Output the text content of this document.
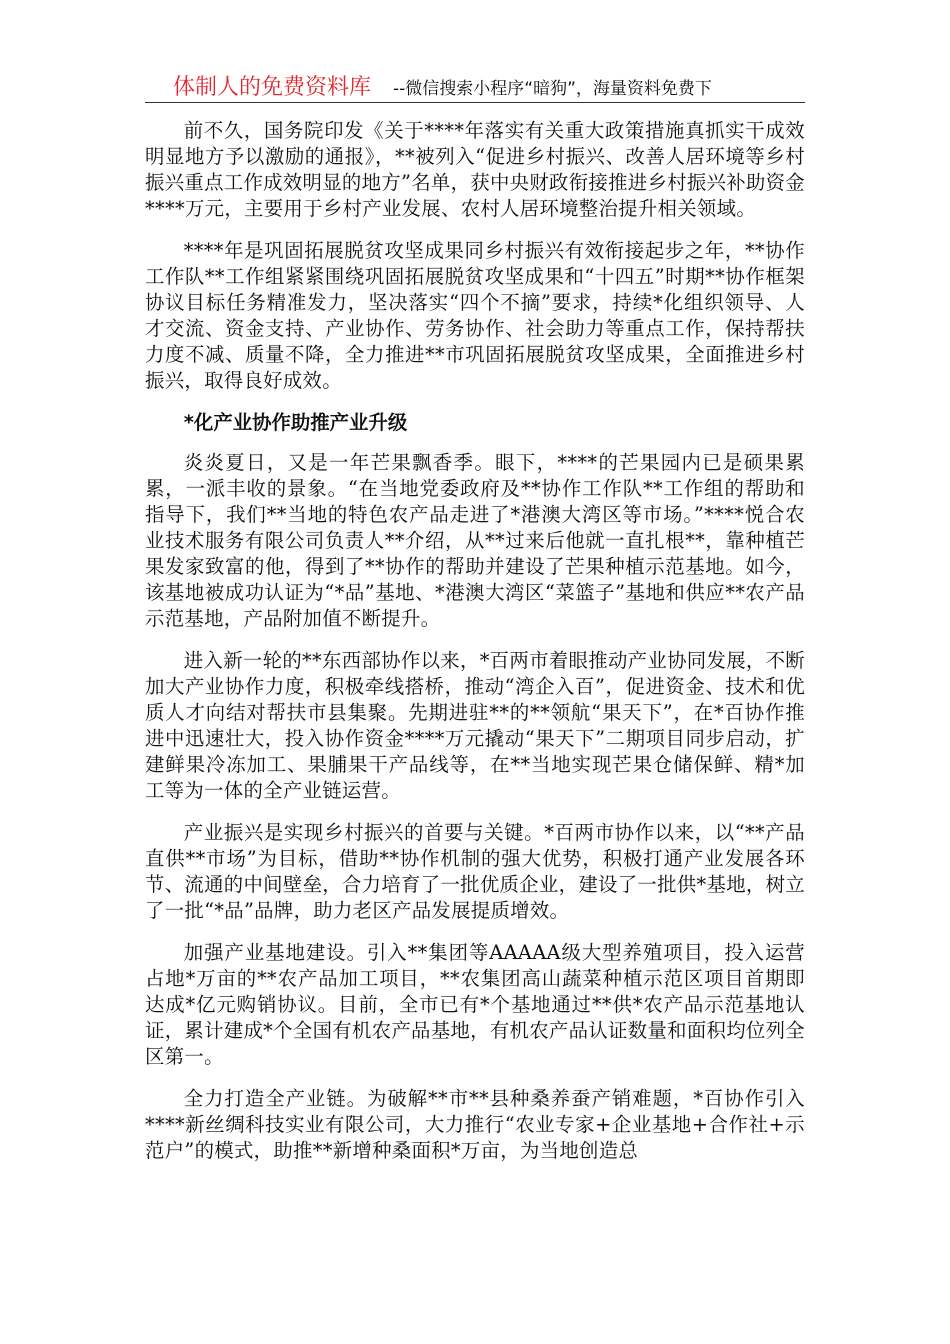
体制人的免费资料库 --微信搜索小程序“暗狗”，海量资料免费下

前不久，国务院印发《关于****年落实有关重大政策措施真抓实干成效明显地方予以激励的通报》，**被列入“促进乡村振兴、改善人居环境等乡村振兴重点工作成效明显的地方”名单，获中央财政衔接推进乡村振兴补助资金****万元，主要用于乡村产业发展、农村人居环境整治提升相关领域。

****年是巩固拓展脱贫攻坚成果同乡村振兴有效衔接起步之年，**协作工作队**工作组紧紧围绕巩固拓展脱贫攻坚成果和“十四五”时期**协作框架协议目标任务精准发力，坚决落实“四个不摘”要求，持续*化组织领导、人才交流、资金支持、产业协作、劳务协作、社会助力等重点工作，保持帮扶力度不减、质量不降，全力推进**市巩固拓展脱贫攻坚成果，全面推进乡村振兴，取得良好成效。

*化产业协作助推产业升级

炎炎夏日，又是一年芒果飘香季。眼下，****的芒果园内已是硕果累累，一派丰收的景象。“在当地党委政府及**协作工作队**工作组的帮助和指导下，我们**当地的特色农产品走进了*港澳大湾区等市场。”****悦合农业技术服务有限公司负责人**介绍，从**过来后他就一直扎根**，靠种植芒果发家致富的他，得到了**协作的帮助并建设了芒果种植示范基地。如今，该基地被成功认证为“*品”基地、*港澳大湾区“菜篮子”基地和供应**农产品示范基地，产品附加值不断提升。

进入新一轮的**东西部协作以来，*百两市着眼推动产业协同发展，不断加大产业协作力度，积极牵线搭桥，推动“湾企入百”，促进资金、技术和优质人才向结对帮扶市县集聚。先期进驻**的**领航“果天下”，在*百协作推进中迅速壮大，投入协作资金****万元撬动“果天下”二期项目同步启动，扩建鲜果冷冻加工、果脯果干产品线等，在**当地实现芒果仓储保鲜、精*加工等为一体的全产业链运营。

产业振兴是实现乡村振兴的首要与关键。*百两市协作以来，以“**产品直供**市场”为目标，借助**协作机制的强大优势，积极打通产业发展各环节、流通的中间壁垒，合力培育了一批优质企业，建设了一批供*基地，树立了一批“*品”品牌，助力老区产品发展提质增效。

加强产业基地建设。引入**集团等AAAAA级大型养殖项目，投入运营占地*万亩的**农产品加工项目，**农集团高山蔬菜种植示范区项目首期即达成*亿元购销协议。目前，全市已有*个基地通过**供*农产品示范基地认证，累计建成*个全国有机农产品基地，有机农产品认证数量和面积均位列全区第一。

全力打造全产业链。为破解**市**县种桑养蚕产销难题，*百协作引入****新丝绸科技实业有限公司，大力推行“农业专家+企业基地+合作社+示范户”的模式，助推**新增种桑面积*万亩，为当地创造总
